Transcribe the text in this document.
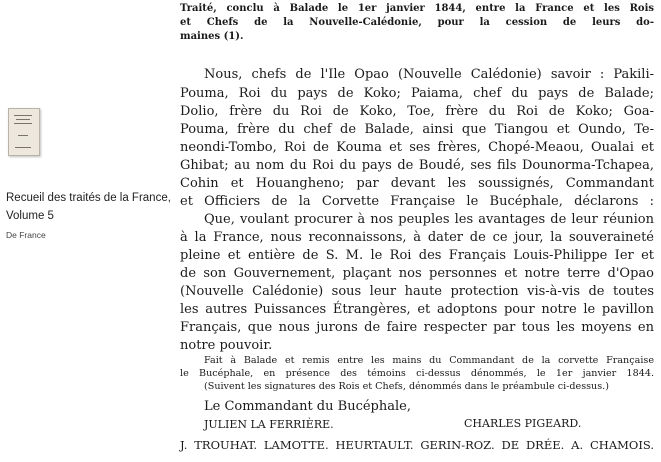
Recueil des traités de la France, Volume 5
De France
Traité, conclu à Balade le 1er janvier 1844, entre la France et les Rois
et Chefs de la Nouvelle-Calédonie, pour la cession de leurs do-
maines (1).
Nous, chefs de l'Ile Opao (Nouvelle Calédonie) savoir : Pakili-
Pouma, Roi du pays de Koko; Paiama, chef du pays de Balade;
Dolio, frère du Roi de Koko, Toe, frère du Roi de Koko; Goa-
Pouma, frère du chef de Balade, ainsi que Tiangou et Oundo, Te-
neondi-Tombo, Roi de Kouma et ses frères, Chopé-Meaou, Oualai et
Ghibat; au nom du Roi du pays de Boudé, ses fils Dounorma-Tchapea,
Cohin et Houangheno; par devant les soussignés, Commandant
et Officiers de la Corvette Française le Bucéphale, déclarons :
Que, voulant procurer à nos peuples les avantages de leur réunion
à la France, nous reconnaissons, à dater de ce jour, la souveraineté
pleine et entière de S. M. le Roi des Français Louis-Philippe Ier et
de son Gouvernement, plaçant nos personnes et notre terre d'Opao
(Nouvelle Calédonie) sous leur haute protection vis-à-vis de toutes
les autres Puissances Étrangères, et adoptons pour notre le pavillon
Français, que nous jurons de faire respecter par tous les moyens en
notre pouvoir.
Fait à Balade et remis entre les mains du Commandant de la corvette Française
le Bucéphale, en présence des témoins ci-dessus dénommés, le 1er janvier 1844.
(Suivent les signatures des Rois et Chefs, dénommés dans le préambule ci-dessus.)
Le Commandant du Bucéphale,
JULIEN LA FERRIÈRE.	CHARLES PIGEARD.
J. TROUHAT. LAMOTTE. HEURTAULT. GERIN-ROZ. DE DRÉE. A. CHAMOIS.
